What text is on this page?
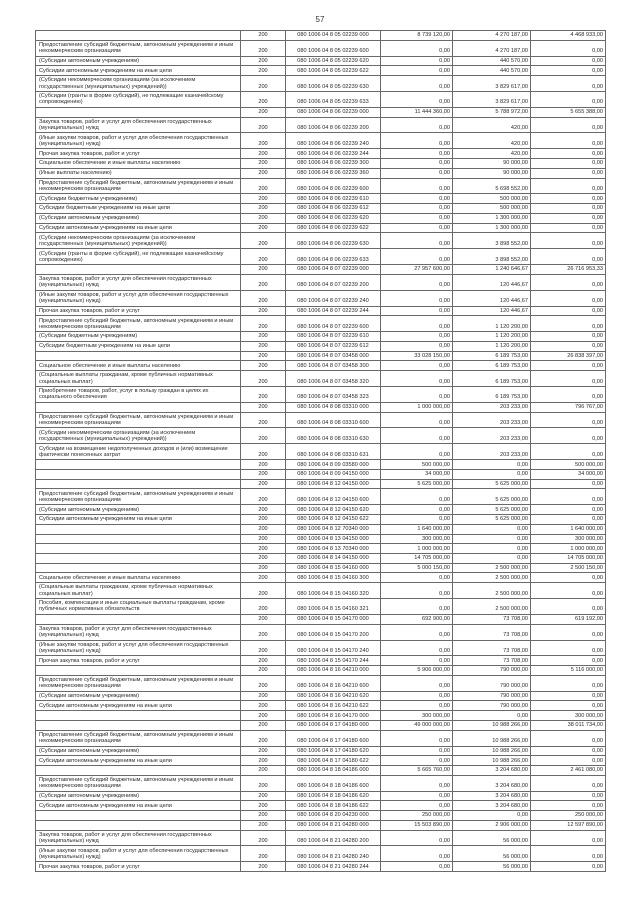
57
	200	080 1006 04 8 05 02239 000	8 739 120,00	4 270 187,00	4 468 933,00
Предоставление субсидий бюджетным, автономным учреждениям и иным некоммерческим организациям	200	080 1006 04 8 05 02239 600	0,00	4 270 187,00	0,00
(Субсидии автономным учреждениям)	200	080 1006 04 8 05 02239 620	0,00	440 570,00	0,00
Субсидии автономным учреждениям на иные цели	200	080 1006 04 8 05 02239 622	0,00	440 570,00	0,00
(Субсидии некоммерческим организациям (за исключением государственных (муниципальных) учреждений))	200	080 1006 04 8 05 02239 630	0,00	3 829 617,00	0,00
(Субсидии (гранты в форме субсидий), не подлежащие казначейскому сопровождению)	200	080 1006 04 8 05 02239 633	0,00	3 829 617,00	0,00
	200	080 1006 04 8 06 02239 000	11 444 360,00	5 788 972,00	5 655 388,00
Закупка товаров, работ и услуг для обеспечения государственных (муниципальных) нужд	200	080 1006 04 8 06 02239 200	0,00	420,00	0,00
(Иные закупки товаров, работ и услуг для обеспечения государственных (муниципальных) нужд)	200	080 1006 04 8 06 02239 240	0,00	420,00	0,00
Прочая закупка товаров, работ и услуг	200	080 1006 04 8 06 02239 244	0,00	420,00	0,00
Социальное обеспечение и иные выплаты населению	200	080 1006 04 8 06 02239 300	0,00	90 000,00	0,00
(Иные выплаты населению)	200	080 1006 04 8 06 02239 360	0,00	90 000,00	0,00
Предоставление субсидий бюджетным, автономным учреждениям и иным некоммерческим организациям	200	080 1006 04 8 06 02239 600	0,00	5 698 552,00	0,00
(Субсидии бюджетным учреждениям)	200	080 1006 04 8 06 02239 610	0,00	500 000,00	0,00
Субсидии бюджетным учреждениям на иные цели	200	080 1006 04 8 06 02239 612	0,00	500 000,00	0,00
(Субсидии автономным учреждениям)	200	080 1006 04 8 06 02239 620	0,00	1 300 000,00	0,00
Субсидии автономным учреждениям на иные цели	200	080 1006 04 8 06 02239 622	0,00	1 300 000,00	0,00
(Субсидии некоммерческим организациям (за исключением государственных (муниципальных) учреждений))	200	080 1006 04 8 06 02239 630	0,00	3 898 552,00	0,00
(Субсидии (гранты в форме субсидий), не подлежащие казначейскому сопровождению)	200	080 1006 04 8 06 02239 633	0,00	3 898 552,00	0,00
	200	080 1006 04 8 07 02239 000	27 957 600,00	1 240 646,67	26 716 953,33
Закупка товаров, работ и услуг для обеспечения государственных (муниципальных) нужд	200	080 1006 04 8 07 02239 200	0,00	120 446,67	0,00
(Иные закупки товаров, работ и услуг для обеспечения государственных (муниципальных) нужд)	200	080 1006 04 8 07 02239 240	0,00	120 446,67	0,00
Прочая закупка товаров, работ и услуг	200	080 1006 04 8 07 02239 244	0,00	120 446,67	0,00
Предоставление субсидий бюджетным, автономным учреждениям и иным некоммерческим организациям	200	080 1006 04 8 07 02239 600	0,00	1 120 200,00	0,00
(Субсидии бюджетным учреждениям)	200	080 1006 04 8 07 02239 610	0,00	1 120 200,00	0,00
Субсидии бюджетным учреждениям на иные цели	200	080 1006 04 8 07 02239 612	0,00	1 120 200,00	0,00
	200	080 1006 04 8 07 03458 000	33 028 150,00	6 189 753,00	26 838 397,00
Социальное обеспечение и иные выплаты населению	200	080 1006 04 8 07 03458 300	0,00	6 189 753,00	0,00
(Социальные выплаты гражданам, кроме публичных нормативных социальных выплат)	200	080 1006 04 8 07 03458 320	0,00	6 189 753,00	0,00
Приобретение товаров, работ, услуг в пользу граждан в целях их социального обеспечения	200	080 1006 04 8 07 03458 323	0,00	6 189 753,00	0,00
	200	080 1006 04 8 08 03310 000	1 000 000,00	203 233,00	796 767,00
Предоставление субсидий бюджетным, автономным учреждениям и иным некоммерческим организациям	200	080 1006 04 8 08 03310 600	0,00	203 233,00	0,00
(Субсидии некоммерческим организациям (за исключением государственных (муниципальных) учреждений))	200	080 1006 04 8 08 03310 630	0,00	203 233,00	0,00
Субсидии на возмещение недополученных доходов и (или) возмещение фактически понесенных затрат	200	080 1006 04 8 08 03310 631	0,00	203 233,00	0,00
	200	080 1006 04 8 09 03580 000	500 000,00	0,00	500 000,00
	200	080 1006 04 8 09 04150 000	34 000,00	0,00	34 000,00
	200	080 1006 04 8 12 04150 000	5 625 000,00	5 625 000,00	0,00
Предоставление субсидий бюджетным, автономным учреждениям и иным некоммерческим организациям	200	080 1006 04 8 12 04150 600	0,00	5 625 000,00	0,00
(Субсидии автономным учреждениям)	200	080 1006 04 8 12 04150 620	0,00	5 625 000,00	0,00
Субсидии автономным учреждениям на иные цели	200	080 1006 04 8 12 04150 622	0,00	5 625 000,00	0,00
	200	080 1006 04 8 12 70340 000	1 640 000,00	0,00	1 640 000,00
	200	080 1006 04 8 13 04150 000	300 000,00	0,00	300 000,00
	200	080 1006 04 8 13 70340 000	1 000 000,00	0,00	1 000 000,00
	200	080 1006 04 8 14 04150 000	14 705 000,00	0,00	14 705 000,00
	200	080 1006 04 8 15 04160 000	5 000 150,00	2 500 000,00	2 500 150,00
Социальное обеспечение и иные выплаты населению	200	080 1006 04 8 15 04160 300	0,00	2 500 000,00	0,00
(Социальные выплаты гражданам, кроме публичных нормативных социальных выплат)	200	080 1006 04 8 15 04160 320	0,00	2 500 000,00	0,00
Пособия, компенсации и иные социальные выплаты гражданам, кроме публичных нормативных обязательств	200	080 1006 04 8 15 04160 321	0,00	2 500 000,00	0,00
	200	080 1006 04 8 15 04170 000	692 900,00	73 708,00	619 192,00
Закупка товаров, работ и услуг для обеспечения государственных (муниципальных) нужд	200	080 1006 04 8 15 04170 200	0,00	73 708,00	0,00
(Иные закупки товаров, работ и услуг для обеспечения государственных (муниципальных) нужд)	200	080 1006 04 8 15 04170 240	0,00	73 708,00	0,00
Прочая закупка товаров, работ и услуг	200	080 1006 04 8 15 04170 244	0,00	73 708,00	0,00
	200	080 1006 04 8 16 04210 000	5 906 000,00	790 000,00	5 116 000,00
Предоставление субсидий бюджетным, автономным учреждениям и иным некоммерческим организациям	200	080 1006 04 8 16 04210 600	0,00	790 000,00	0,00
(Субсидии автономным учреждениям)	200	080 1006 04 8 16 04210 620	0,00	790 000,00	0,00
Субсидии автономным учреждениям на иные цели	200	080 1006 04 8 16 04210 622	0,00	790 000,00	0,00
	200	080 1006 04 8 16 04170 000	300 000,00	0,00	300 000,00
	200	080 1006 04 8 17 04180 000	49 000 000,00	10 988 266,00	38 011 734,00
Предоставление субсидий бюджетным, автономным учреждениям и иным некоммерческим организациям	200	080 1006 04 8 17 04180 600	0,00	10 988 266,00	0,00
(Субсидии автономным учреждениям)	200	080 1006 04 8 17 04180 620	0,00	10 988 266,00	0,00
Субсидии автономным учреждениям на иные цели	200	080 1006 04 8 17 04180 622	0,00	10 988 266,00	0,00
	200	080 1006 04 8 18 04186 000	5 665 760,00	3 204 680,00	2 461 080,00
Предоставление субсидий бюджетным, автономным учреждениям и иным некоммерческим организациям	200	080 1006 04 8 18 04186 600	0,00	3 204 680,00	0,00
(Субсидии автономным учреждениям)	200	080 1006 04 8 18 04186 620	0,00	3 204 680,00	0,00
Субсидии автономным учреждениям на иные цели	200	080 1006 04 8 18 04186 622	0,00	3 204 680,00	0,00
	200	080 1006 04 8 20 04230 000	250 000,00	0,00	250 000,00
	200	080 1006 04 8 21 04280 000	15 503 890,00	2 906 000,00	12 597 890,00
Закупка товаров, работ и услуг для обеспечения государственных (муниципальных) нужд	200	080 1006 04 8 21 04280 200	0,00	56 000,00	0,00
(Иные закупки товаров, работ и услуг для обеспечения государственных (муниципальных) нужд)	200	080 1006 04 8 21 04280 240	0,00	56 000,00	0,00
Прочая закупка товаров, работ и услуг	200	080 1006 04 8 21 04280 244	0,00	56 000,00	0,00
